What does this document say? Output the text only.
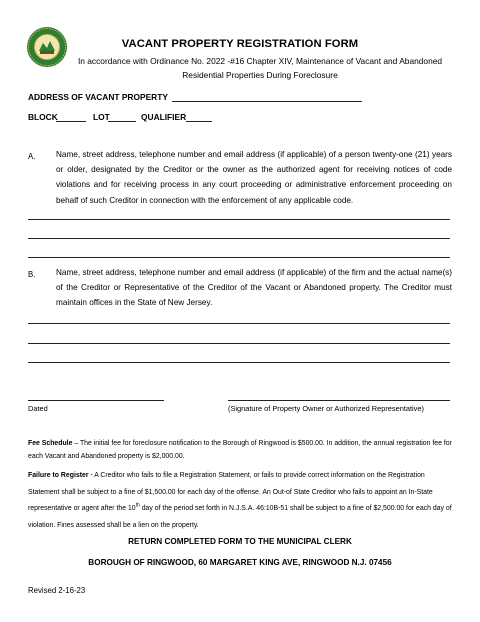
VACANT PROPERTY REGISTRATION FORM
In accordance with Ordinance No. 2022 -#16 Chapter XIV, Maintenance of Vacant and Abandoned
Residential Properties During Foreclosure
ADDRESS OF VACANT PROPERTY
BLOCK	LOT	QUALIFIER
A.	Name, street address, telephone number and email address (if applicable) of a person twenty-one (21) years or older, designated by the Creditor or the owner as the authorized agent for receiving notices of code violations and for receiving process in any court proceeding or administrative enforcement proceeding on behalf of such Creditor in connection with the enforcement of any applicable code.
B.	Name, street address, telephone number and email address (if applicable) of the firm and the actual name(s) of the Creditor or Representative of the Creditor of the Vacant or Abandoned property. The Creditor must maintain offices in the State of New Jersey.
Dated	(Signature of Property Owner or Authorized Representative)
Fee Schedule – The initial fee for foreclosure notification to the Borough of Ringwood is $500.00. In addition, the annual registration fee for each Vacant and Abandoned property is $2,000.00.
Failure to Register - A Creditor who fails to file a Registration Statement, or fails to provide correct information on the Registration Statement shall be subject to a fine of $1,500.00 for each day of the offense. An Out-of State Creditor who fails to appoint an In-State representative or agent after the 10th day of the period set forth in N.J.S.A. 46:10B-51 shall be subject to a fine of $2,500.00 for each day of violation. Fines assessed shall be a lien on the property.
RETURN COMPLETED FORM TO THE MUNICIPAL CLERK
BOROUGH OF RINGWOOD, 60 MARGARET KING AVE, RINGWOOD N.J. 07456
Revised 2-16-23
